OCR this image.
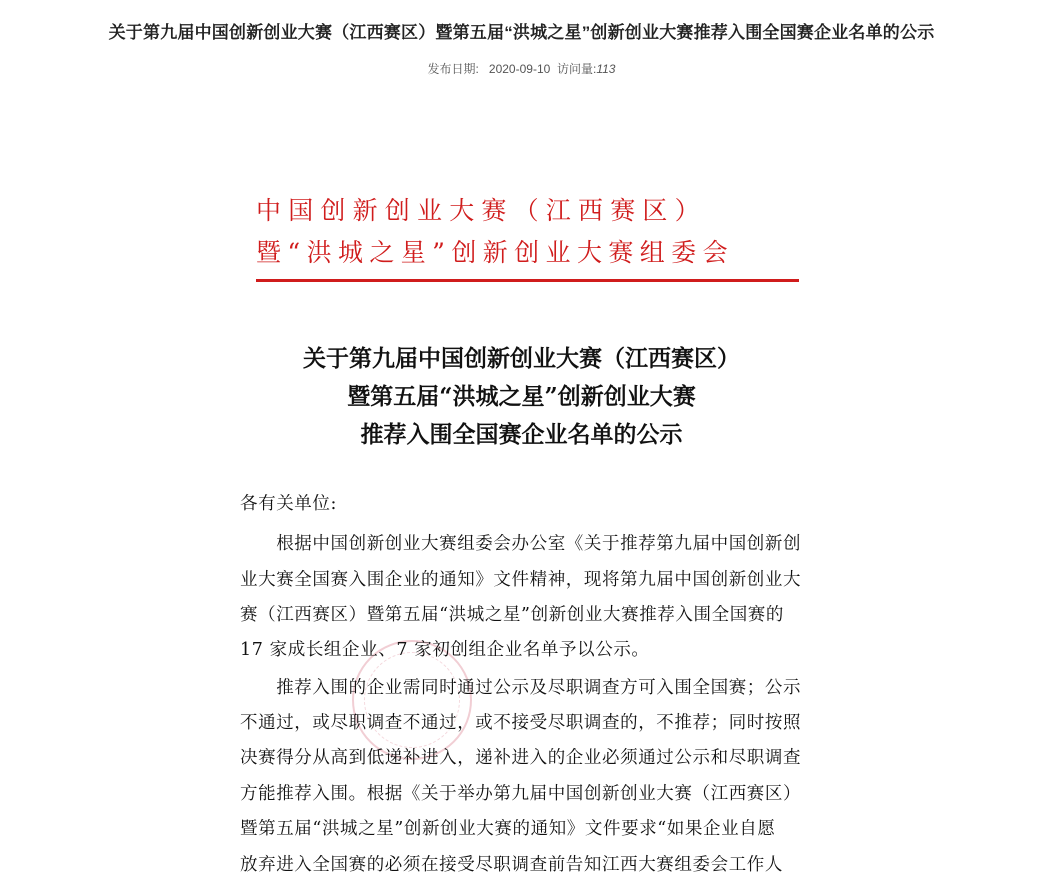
关于第九届中国创新创业大赛（江西赛区）暨第五届“洪城之星”创新创业大赛推荐入围全国赛企业名单的公示
发布日期: 2020-09-10 访问量:113
中国创新创业大赛（江西赛区）
暨“洪城之星”创新创业大赛组委会
关于第九届中国创新创业大赛（江西赛区）
暨第五届“洪城之星”创新创业大赛
推荐入围全国赛企业名单的公示
各有关单位:
　　根据中国创新创业大赛组委会办公室《关于推荐第九届中国创新创
业大赛全国赛入围企业的通知》文件精神，现将第九届中国创新创业大
赛（江西赛区）暨第五届“洪城之星”创新创业大赛推荐入围全国赛的
17 家成长组企业、7 家初创组企业名单予以公示。
　　推荐入围的企业需同时通过公示及尽职调查方可入围全国赛；公示
不通过，或尽职调查不通过，或不接受尽职调查的，不推荐；同时按照
决赛得分从高到低递补进入，递补进入的企业必须通过公示和尽职调查
方能推荐入围。根据《关于举办第九届中国创新创业大赛（江西赛区）
暨第五届“洪城之星”创新创业大赛的通知》文件要求“如果企业自愿
放弃进入全国赛的必须在接受尽职调查前告知江西大赛组委会工作人
